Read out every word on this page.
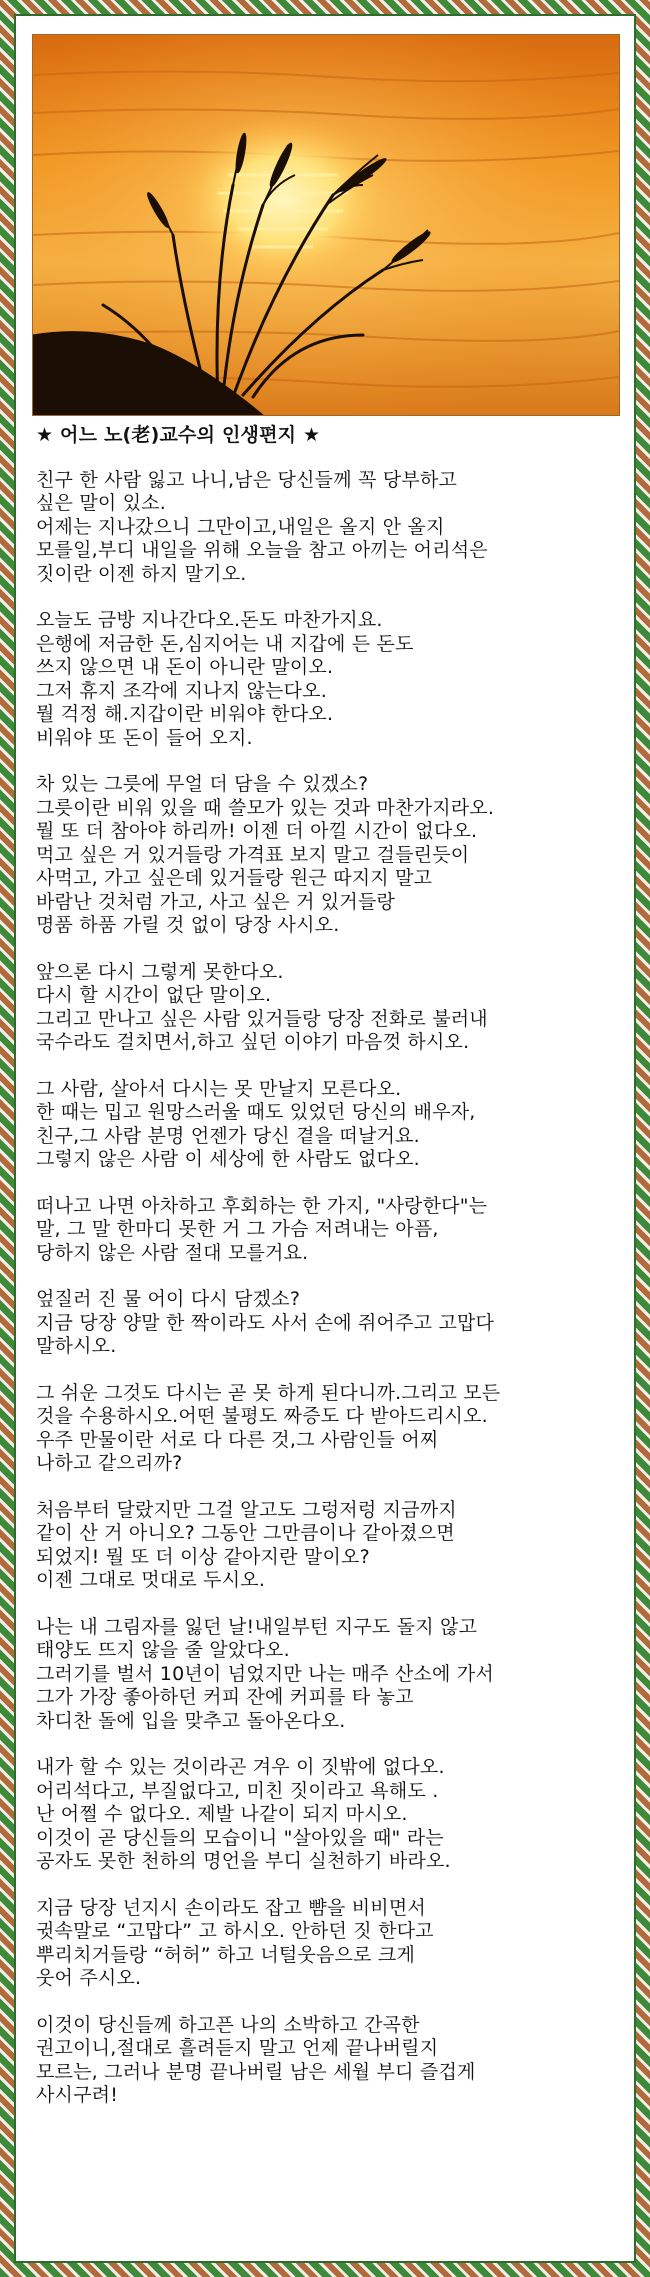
★ 어느 노(老)교수의 인생편지 ★
친구 한 사람 잃고 나니,남은 당신들께 꼭 당부하고
싶은 말이 있소.
어제는 지나갔으니 그만이고,내일은 올지 안 올지
모를일,부디 내일을 위해 오늘을 참고 아끼는 어리석은
짓이란 이젠 하지 말기오.
오늘도 금방 지나간다오.돈도 마찬가지요.
은행에 저금한 돈,심지어는 내 지갑에 든 돈도
쓰지 않으면 내 돈이 아니란 말이오.
그저 휴지 조각에 지나지 않는다오.
뭘 걱정 해.지갑이란 비워야 한다오.
비워야 또 돈이 들어 오지.
차 있는 그릇에 무얼 더 담을 수 있겠소?
그릇이란 비워 있을 때 쓸모가 있는 것과 마찬가지라오.
뭘 또 더 참아야 하리까! 이젠 더 아낄 시간이 없다오.
먹고 싶은 거 있거들랑 가격표 보지 말고 걸들린듯이
사먹고, 가고 싶은데 있거들랑 원근 따지지 말고
바람난 것처럼 가고, 사고 싶은 거 있거들랑
명품 하품 가릴 것 없이 당장 사시오.
앞으론 다시 그렇게 못한다오.
다시 할 시간이 없단 말이오.
그리고 만나고 싶은 사람 있거들랑 당장 전화로 불러내
국수라도 걸치면서,하고 싶던 이야기 마음껏 하시오.
그 사람, 살아서 다시는 못 만날지 모른다오.
한 때는 밉고 원망스러울 때도 있었던 당신의 배우자,
친구,그 사람 분명 언젠가 당신 곁을 떠날거요.
그렇지 않은 사람 이 세상에 한 사람도 없다오.
떠나고 나면 아차하고 후회하는 한 가지, "사랑한다"는
말, 그 말 한마디 못한 거 그 가슴 저려내는 아픔,
당하지 않은 사람 절대 모를거요.
엎질러 진 물 어이 다시 담겠소?
지금 당장 양말 한 짝이라도 사서 손에 쥐어주고 고맙다
말하시오.
그 쉬운 그것도 다시는 곧 못 하게 된다니까.그리고 모든
것을 수용하시오.어떤 불평도 짜증도 다 받아드리시오.
우주 만물이란 서로 다 다른 것,그 사람인들 어찌
나하고 같으리까?
처음부터 달랐지만 그걸 알고도 그렁저렁 지금까지
같이 산 거 아니오? 그동안 그만큼이나 같아졌으면
되었지! 뭘 또 더 이상 같아지란 말이오?
이젠 그대로 멋대로 두시오.
나는 내 그림자를 잃던 날!내일부턴 지구도 돌지 않고
태양도 뜨지 않을 줄 알았다오.
그러기를 벌서 10년이 넘었지만 나는 매주 산소에 가서
그가 가장 좋아하던 커피 잔에 커피를 타 놓고
차디찬 돌에 입을 맞추고 돌아온다오.
내가 할 수 있는 것이라곤 겨우 이 짓밖에 없다오.
어리석다고, 부질없다고, 미친 짓이라고 욕해도 .
난 어쩔 수 없다오. 제발 나같이 되지 마시오.
이것이 곧 당신들의 모습이니 "살아있을 때" 라는
공자도 못한 천하의 명언을 부디 실천하기 바라오.
지금 당장 넌지시 손이라도 잡고 뺨을 비비면서
귓속말로 “고맙다” 고 하시오. 안하던 짓 한다고
뿌리치거들랑 “허허” 하고 너털웃음으로 크게
웃어 주시오.
이것이 당신들께 하고픈 나의 소박하고 간곡한
권고이니,절대로 흘려듣지 말고 언제 끝나버릴지
모르는, 그러나 분명 끝나버릴 남은 세월 부디 즐겁게
사시구려!
